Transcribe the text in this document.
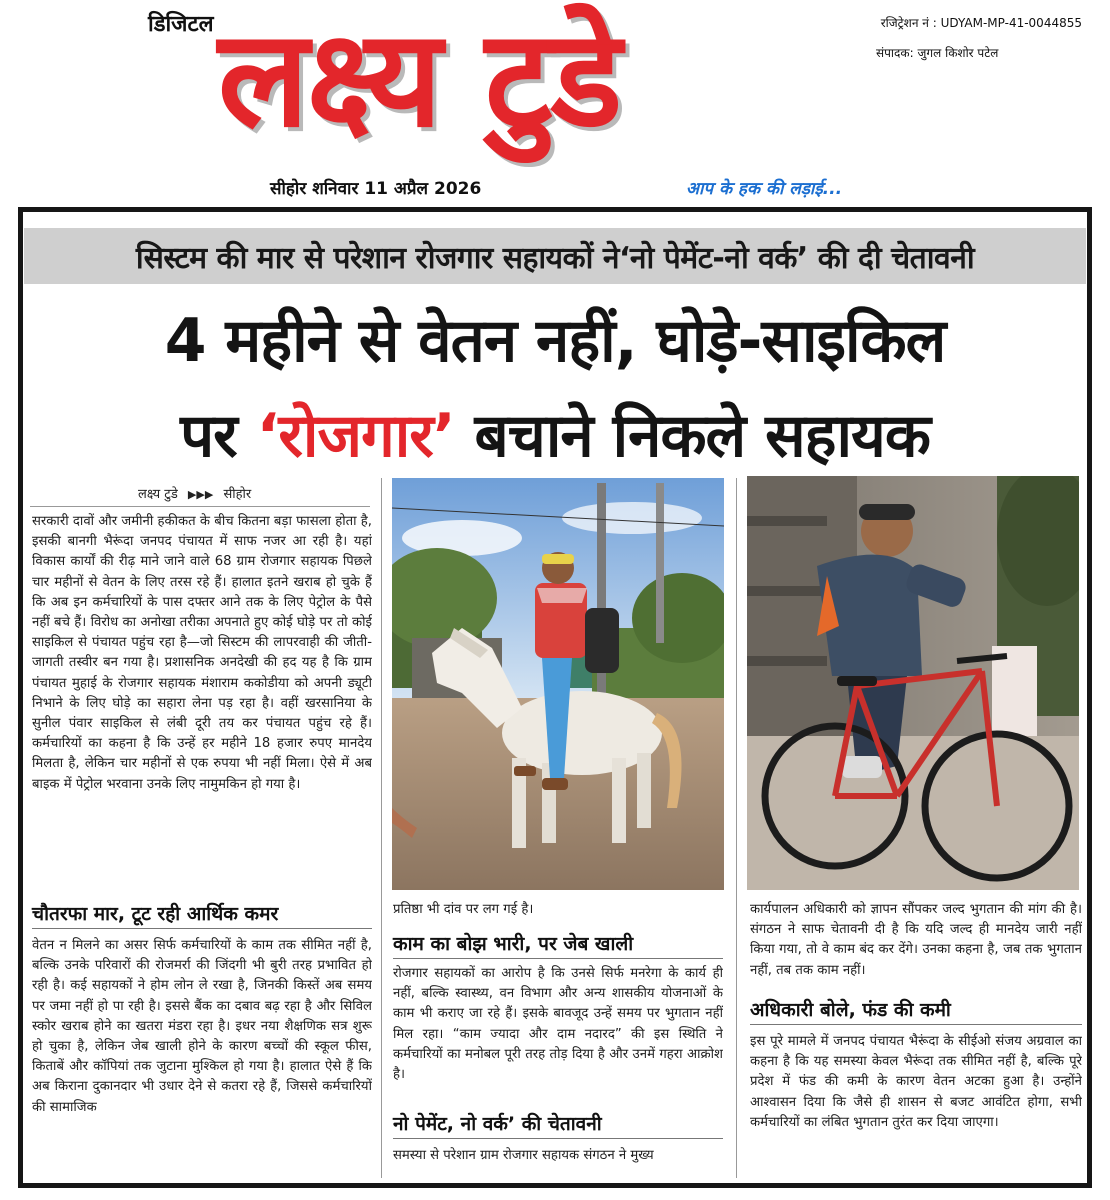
डिजिटल लक्ष्य टुडे	रजिट्रेशन नं : UDYAM-MP-41-0044855
संपादक: जुगल किशोर पटेल
सीहोर शनिवार 11 अप्रैल 2026	आप के हक की लड़ाई...
सिस्टम की मार से परेशान रोजगार सहायकों ने‘नो पेमेंट-नो वर्क’ की दी चेतावनी
4 महीने से वेतन नहीं, घोड़े-साइकिल
पर ‘रोजगार’ बचाने निकले सहायक
लक्ष्य टुडे ▶▶▶ सीहोर
सरकारी दावों और जमीनी हकीकत के बीच कितना बड़ा फासला होता है, इसकी बानगी भैरूंदा जनपद पंचायत में साफ नजर आ रही है। यहां विकास कार्यों की रीढ़ माने जाने वाले 68 ग्राम रोजगार सहायक पिछले चार महीनों से वेतन के लिए तरस रहे हैं। हालात इतने खराब हो चुके हैं कि अब इन कर्मचारियों के पास दफ्तर आने तक के लिए पेट्रोल के पैसे नहीं बचे हैं। विरोध का अनोखा तरीका अपनाते हुए कोई घोड़े पर तो कोई साइकिल से पंचायत पहुंच रहा है—जो सिस्टम की लापरवाही की जीती-जागती तस्वीर बन गया है। प्रशासनिक अनदेखी की हद यह है कि ग्राम पंचायत मुहाई के रोजगार सहायक मंशाराम ककोडीया को अपनी ड्यूटी निभाने के लिए घोड़े का सहारा लेना पड़ रहा है। वहीं खरसानिया के सुनील पंवार साइकिल से लंबी दूरी तय कर पंचायत पहुंच रहे हैं। कर्मचारियों का कहना है कि उन्हें हर महीने 18 हजार रुपए मानदेय मिलता है, लेकिन चार महीनों से एक रुपया भी नहीं मिला। ऐसे में अब बाइक में पेट्रोल भरवाना उनके लिए नामुमकिन हो गया है।
चौतरफा मार, टूट रही आर्थिक कमर
वेतन न मिलने का असर सिर्फ कर्मचारियों के काम तक सीमित नहीं है, बल्कि उनके परिवारों की रोजमर्रा की जिंदगी भी बुरी तरह प्रभावित हो रही है। कई सहायकों ने होम लोन ले रखा है, जिनकी किस्तें अब समय पर जमा नहीं हो पा रही है। इससे बैंक का दबाव बढ़ रहा है और सिविल स्कोर खराब होने का खतरा मंडरा रहा है। इधर नया शैक्षणिक सत्र शुरू हो चुका है, लेकिन जेब खाली होने के कारण बच्चों की स्कूल फीस, किताबें और कॉपियां तक जुटाना मुश्किल हो गया है। हालात ऐसे हैं कि अब किराना दुकानदार भी उधार देने से कतरा रहे हैं, जिससे कर्मचारियों की सामाजिक
प्रतिष्ठा भी दांव पर लग गई है।
काम का बोझ भारी, पर जेब खाली
रोजगार सहायकों का आरोप है कि उनसे सिर्फ मनरेगा के कार्य ही नहीं, बल्कि स्वास्थ्य, वन विभाग और अन्य शासकीय योजनाओं के काम भी कराए जा रहे हैं। इसके बावजूद उन्हें समय पर भुगतान नहीं मिल रहा। “काम ज्यादा और दाम नदारद” की इस स्थिति ने कर्मचारियों का मनोबल पूरी तरह तोड़ दिया है और उनमें गहरा आक्रोश है।
नो पेमेंट, नो वर्क’ की चेतावनी
समस्या से परेशान ग्राम रोजगार सहायक संगठन ने मुख्य
कार्यपालन अधिकारी को ज्ञापन सौंपकर जल्द भुगतान की मांग की है। संगठन ने साफ चेतावनी दी है कि यदि जल्द ही मानदेय जारी नहीं किया गया, तो वे काम बंद कर देंगे। उनका कहना है, जब तक भुगतान नहीं, तब तक काम नहीं।
अधिकारी बोले, फंड की कमी
इस पूरे मामले में जनपद पंचायत भैरूंदा के सीईओ संजय अग्रवाल का कहना है कि यह समस्या केवल भैरूंदा तक सीमित नहीं है, बल्कि पूरे प्रदेश में फंड की कमी के कारण वेतन अटका हुआ है। उन्होंने आश्वासन दिया कि जैसे ही शासन से बजट आवंटित होगा, सभी कर्मचारियों का लंबित भुगतान तुरंत कर दिया जाएगा।
